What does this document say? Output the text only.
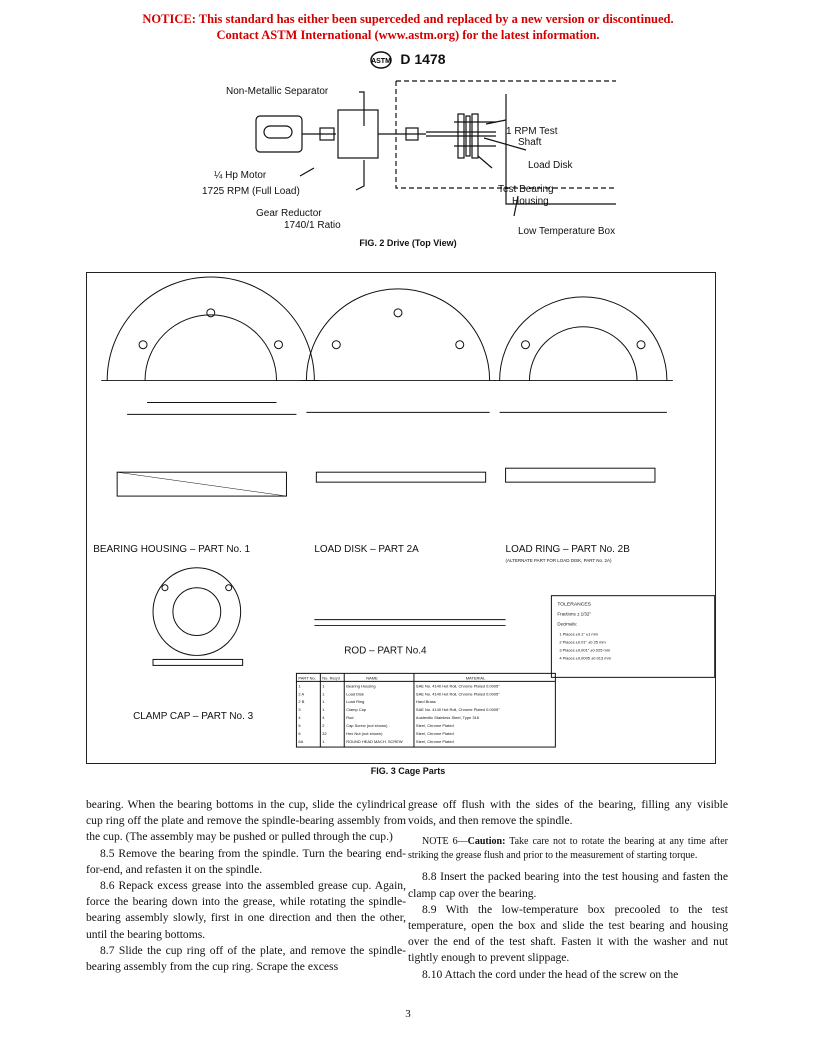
NOTICE: This standard has either been superceded and replaced by a new version or discontinued.
Contact ASTM International (www.astm.org) for the latest information.
ASTM D 1478
Non-Metallic Separator
¼ Hp Motor
1725 RPM (Full Load)
Gear Reductor
1740/1 Ratio
1 RPM Test
Shaft
Load Disk
Test Bearing
Housing
Low Temperature Box
FIG. 2 Drive (Top View)
BEARING HOUSING – PART No. 1	LOAD DISK – PART 2A	LOAD RING – PART No. 2B
(ALTERNATE PART FOR LOAD DISK, PART No. 2A)
CLAMP CAP – PART No. 3
ROD – PART No.4
TOLERANCES
Fractions ± 1/32"
Decimals:
1 Places ±0.1" ±1 mm
2 Places ±0.01" ±0.25 mm
3 Places ±0.001" ±0.025 mm
4 Places ±0.0005 ±0.013 mm
PART No. No. Req'd	NAME	MATERIAL
1	1	Bearing Housing	SAE No. 4140 Hot Roll, Chrome Plated 0.0005"
2 A	1	Load Disk	SAE No. 4140 Hot Roll, Chrome Plated 0.0005"
2 B	1	Load Ring	Hard Brass
3	1	Clamp Cap	SAE No. 4140 Hot Roll, Chrome Plated 0.0005"
4	4	Rod	Austenitic Stainless Steel, Type 316
5	2	Cap Screw (not shown)	Steel, Chrome Plated
6	32	Hex Nut (not shown)	Steel, Chrome Plated
6A	1	ROUND HEAD MACH. SCREW	Steel, Chrome Plated
FIG. 3 Cage Parts

bearing. When the bearing bottoms in the cup, slide the cylindrical cup ring off the plate and remove the spindle-bearing assembly from the cup. (The assembly may be pushed or pulled through the cup.)

8.5 Remove the bearing from the spindle. Turn the bearing end-for-end, and refasten it on the spindle.

8.6 Repack excess grease into the assembled grease cup. Again, force the bearing down into the grease, while rotating the spindle-bearing assembly slowly, first in one direction and then the other, until the bearing bottoms.

8.7 Slide the cup ring off of the plate, and remove the spindle-bearing assembly from the cup ring. Scrape the excess

grease off flush with the sides of the bearing, filling any visible voids, and then remove the spindle.

NOTE 6—Caution: Take care not to rotate the bearing at any time after striking the grease flush and prior to the measurement of starting torque.

8.8 Insert the packed bearing into the test housing and fasten the clamp cap over the bearing.

8.9 With the low-temperature box precooled to the test temperature, open the box and slide the test bearing and housing over the end of the test shaft. Fasten it with the washer and nut tightly enough to prevent slippage.

8.10 Attach the cord under the head of the screw on the

3
